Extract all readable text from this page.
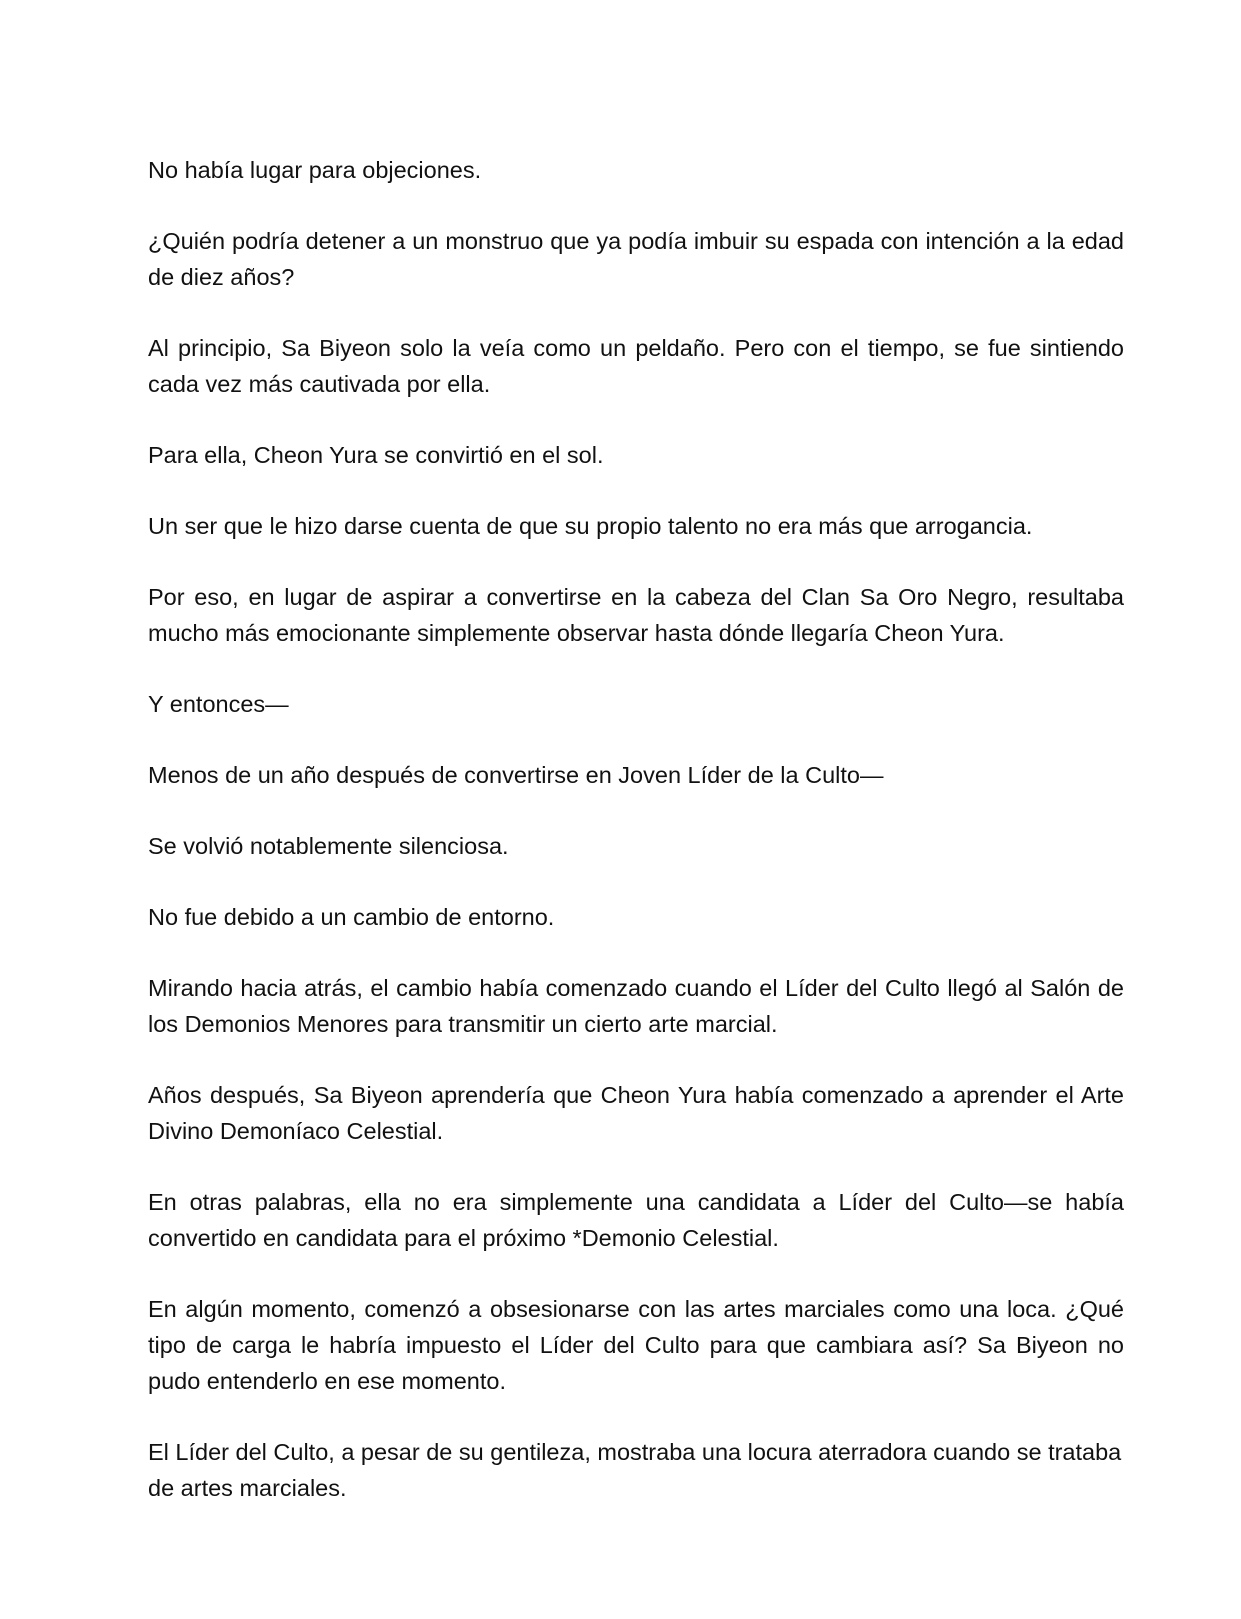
No había lugar para objeciones.

¿Quién podría detener a un monstruo que ya podía imbuir su espada con intención a la edad de diez años?

Al principio, Sa Biyeon solo la veía como un peldaño. Pero con el tiempo, se fue sintiendo cada vez más cautivada por ella.

Para ella, Cheon Yura se convirtió en el sol.

Un ser que le hizo darse cuenta de que su propio talento no era más que arrogancia.

Por eso, en lugar de aspirar a convertirse en la cabeza del Clan Sa Oro Negro, resultaba mucho más emocionante simplemente observar hasta dónde llegaría Cheon Yura.

Y entonces—

Menos de un año después de convertirse en Joven Líder de la Culto—

Se volvió notablemente silenciosa.

No fue debido a un cambio de entorno.

Mirando hacia atrás, el cambio había comenzado cuando el Líder del Culto llegó al Salón de los Demonios Menores para transmitir un cierto arte marcial.

Años después, Sa Biyeon aprendería que Cheon Yura había comenzado a aprender el Arte Divino Demoníaco Celestial.

En otras palabras, ella no era simplemente una candidata a Líder del Culto—se había convertido en candidata para el próximo *Demonio Celestial.

En algún momento, comenzó a obsesionarse con las artes marciales como una loca. ¿Qué tipo de carga le habría impuesto el Líder del Culto para que cambiara así? Sa Biyeon no pudo entenderlo en ese momento.

El Líder del Culto, a pesar de su gentileza, mostraba una locura aterradora cuando se trataba de artes marciales.
